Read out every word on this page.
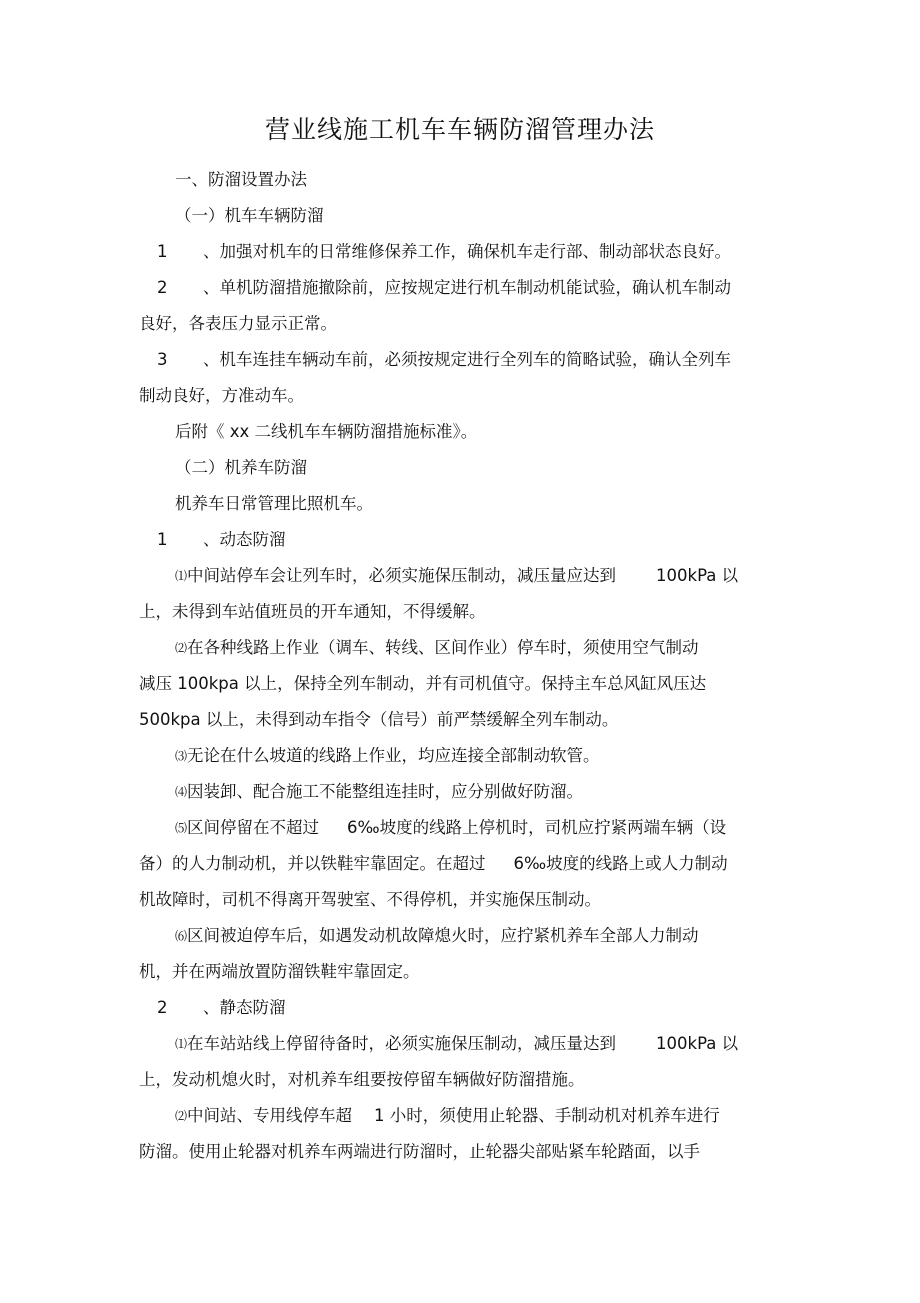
营业线施工机车车辆防溜管理办法

一、防溜设置办法

（一）机车车辆防溜

1 、加强对机车的日常维修保养工作，确保机车走行部、制动部状态良好。

2 、单机防溜措施撤除前，应按规定进行机车制动机能试验，确认机车制动

良好，各表压力显示正常。

3 、机车连挂车辆动车前，必须按规定进行全列车的简略试验，确认全列车

制动良好，方准动车。

后附《 xx 二线机车车辆防溜措施标准》。

（二）机养车防溜

机养车日常管理比照机车。

1 、动态防溜

⑴中间站停车会让列车时，必须实施保压制动，减压量应达到 100kPa 以

上，未得到车站值班员的开车通知，不得缓解。

⑵在各种线路上作业（调车、转线、区间作业）停车时，须使用空气制动

减压 100kpa 以上，保持全列车制动，并有司机值守。保持主车总风缸风压达

500kpa 以上，未得到动车指令（信号）前严禁缓解全列车制动。

⑶无论在什么坡道的线路上作业，均应连接全部制动软管。

⑷因装卸、配合施工不能整组连挂时，应分别做好防溜。

⑸区间停留在不超过 6‰坡度的线路上停机时，司机应拧紧两端车辆（设

备）的人力制动机，并以铁鞋牢靠固定。在超过 6‰坡度的线路上或人力制动

机故障时，司机不得离开驾驶室、不得停机，并实施保压制动。

⑹区间被迫停车后，如遇发动机故障熄火时，应拧紧机养车全部人力制动

机，并在两端放置防溜铁鞋牢靠固定。

2 、静态防溜

⑴在车站站线上停留待备时，必须实施保压制动，减压量达到 100kPa 以

上，发动机熄火时，对机养车组要按停留车辆做好防溜措施。

⑵中间站、专用线停车超 1 小时，须使用止轮器、手制动机对机养车进行

防溜。使用止轮器对机养车两端进行防溜时，止轮器尖部贴紧车轮踏面，以手
